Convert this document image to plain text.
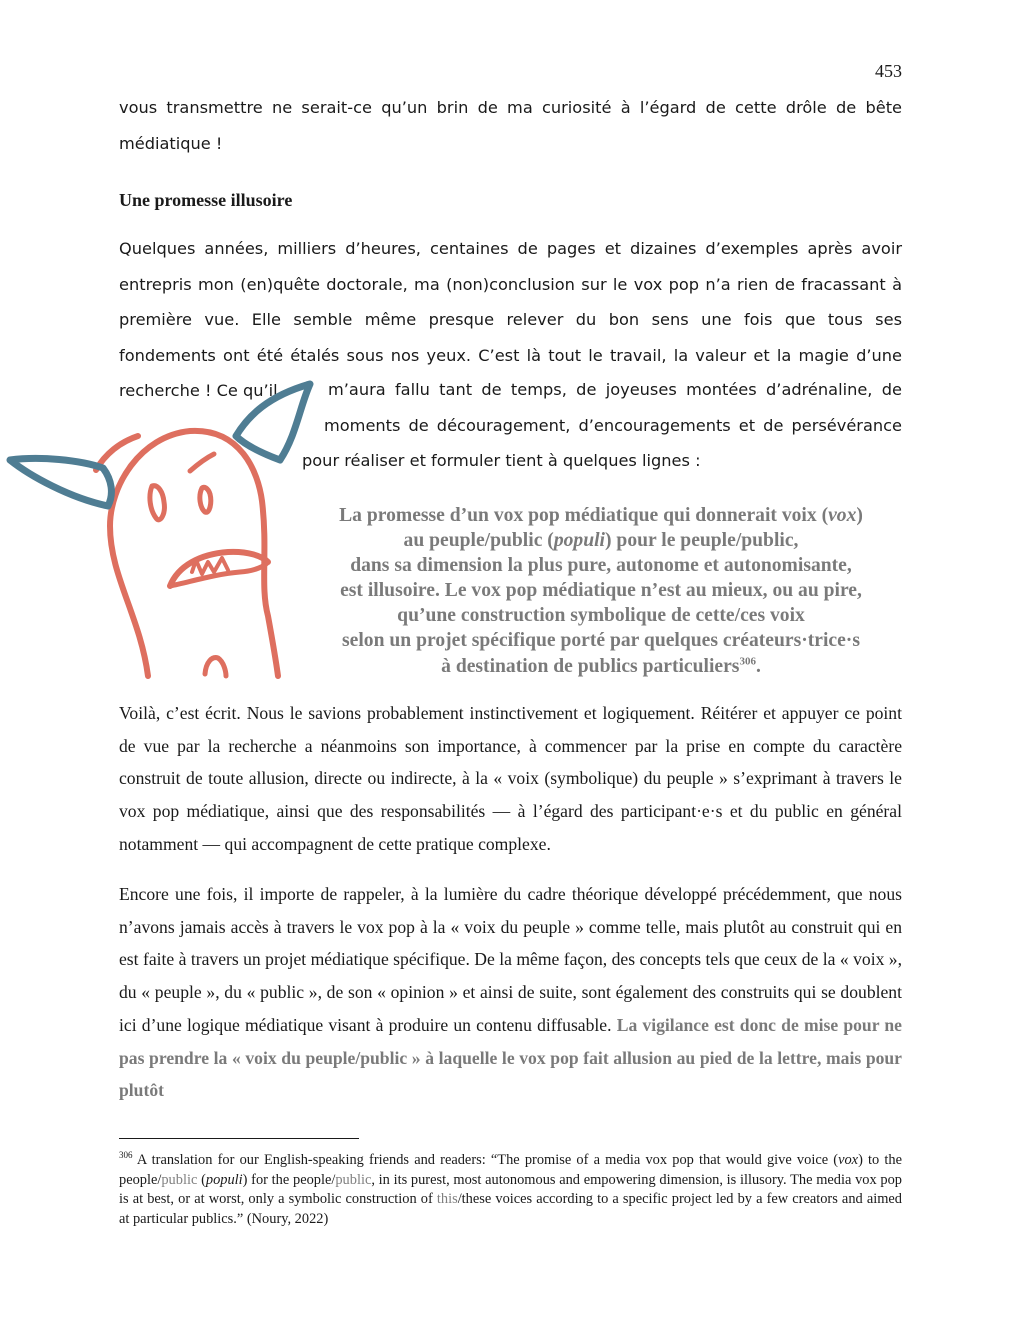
453

vous transmettre ne serait-ce qu’un brin de ma curiosité à l’égard de cette drôle de bête médiatique !

Une promesse illusoire

Quelques années, milliers d’heures, centaines de pages et dizaines d’exemples après avoir entrepris mon (en)quête doctorale, ma (non)conclusion sur le vox pop n’a rien de fracassant à première vue. Elle semble même presque relever du bon sens une fois que tous ses fondements ont été étalés sous nos yeux. C’est là tout le travail, la valeur et la magie d’une recherche ! Ce qu’il	m’aura fallu tant de temps, de joyeuses montées d’adrénaline, de
moments de découragement, d’encouragements et de persévérance
pour réaliser et formuler tient à quelques lignes :

La promesse d’un vox pop médiatique qui donnerait voix (vox)
au peuple/public (populi) pour le peuple/public,
dans sa dimension la plus pure, autonome et autonomisante,
est illusoire. Le vox pop médiatique n’est au mieux, ou au pire,
qu’une construction symbolique de cette/ces voix
selon un projet spécifique porté par quelques créateurs·trice·s
à destination de publics particuliers$^{306}$.

Voilà, c’est écrit. Nous le savions probablement instinctivement et logiquement. Réitérer et appuyer ce point de vue par la recherche a néanmoins son importance, à commencer par la prise en compte du caractère construit de toute allusion, directe ou indirecte, à la « voix (symbolique) du peuple » s’exprimant à travers le vox pop médiatique, ainsi que des responsabilités — à l’égard des participant·e·s et du public en général notamment — qui accompagnent de cette pratique complexe.

Encore une fois, il importe de rappeler, à la lumière du cadre théorique développé précédemment, que nous n’avons jamais accès à travers le vox pop à la « voix du peuple » comme telle, mais plutôt au construit qui en est faite à travers un projet médiatique spécifique. De la même façon, des concepts tels que ceux de la « voix », du « peuple », du « public », de son « opinion » et ainsi de suite, sont également des construits qui se doublent ici d’une logique médiatique visant à produire un contenu diffusable. La vigilance est donc de mise pour ne pas prendre la « voix du peuple/public » à laquelle le vox pop fait allusion au pied de la lettre, mais pour plutôt

$^{306}$ A translation for our English-speaking friends and readers: “The promise of a media vox pop that would give voice (vox) to the people/public (populi) for the people/public, in its purest, most autonomous and empowering dimension, is illusory. The media vox pop is at best, or at worst, only a symbolic construction of this/these voices according to a specific project led by a few creators and aimed at particular publics.” (Noury, 2022)
